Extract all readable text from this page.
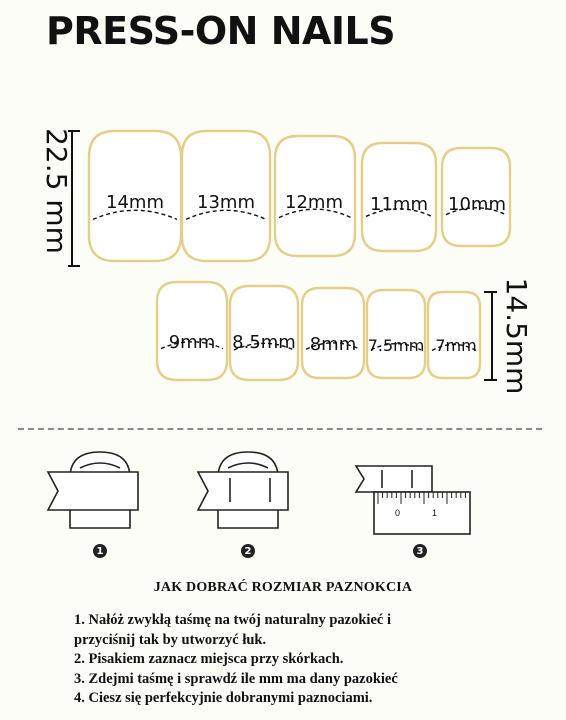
PRESS-ON NAILS
14mm 13mm 12mm 11mm 10mm
9mm 8.5mm 8mm 7.5mm 7mm
22.5 mm
14.5mm
1	2	3
0	1
JAK DOBRAĆ ROZMIAR PAZNOKCIA
1. Nałóż zwykłą taśmę na twój naturalny pazokieć i
przyciśnij tak by utworzyć łuk.
2. Pisakiem zaznacz miejsca przy skórkach.
3. Zdejmi taśmę i sprawdź ile mm ma dany pazokieć
4. Ciesz się perfekcyjnie dobranymi paznociami.
